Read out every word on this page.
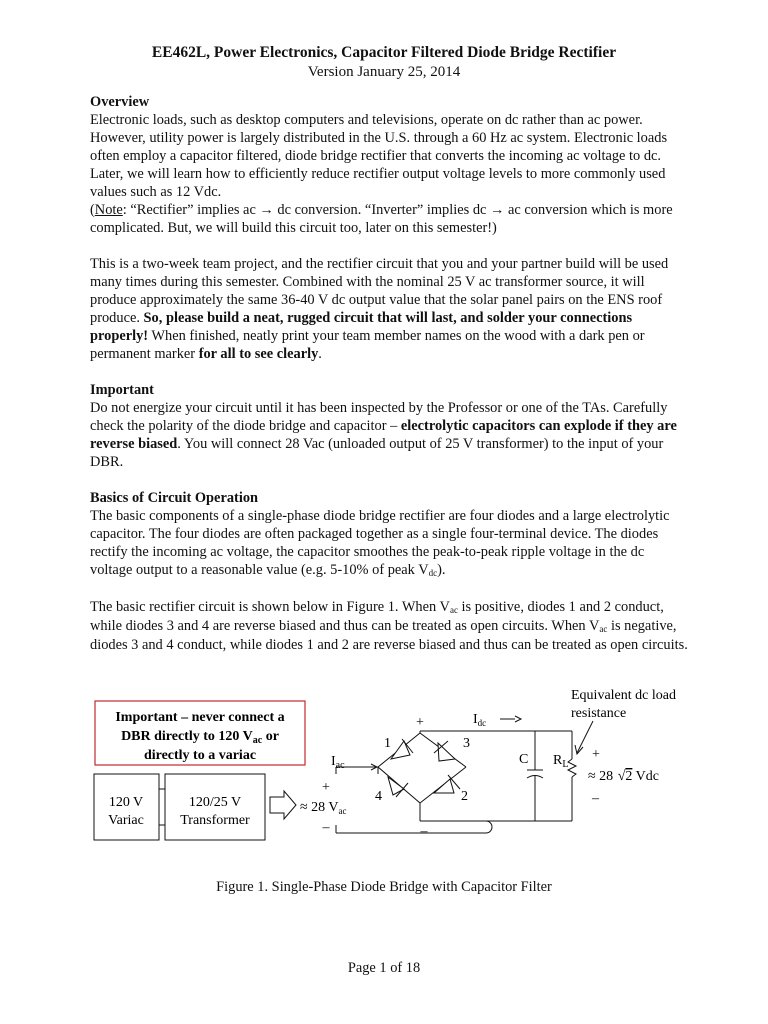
EE462L, Power Electronics, Capacitor Filtered Diode Bridge Rectifier
Version January 25, 2014
Overview

Electronic loads, such as desktop computers and televisions, operate on dc rather than ac power. However, utility power is largely distributed in the U.S. through a 60 Hz ac system. Electronic loads often employ a capacitor filtered, diode bridge rectifier that converts the incoming ac voltage to dc. Later, we will learn how to efficiently reduce rectifier output voltage levels to more commonly used values such as 12 Vdc.

(Note: “Rectifier” implies ac → dc conversion. “Inverter” implies dc → ac conversion which is more complicated. But, we will build this circuit too, later on this semester!)

This is a two-week team project, and the rectifier circuit that you and your partner build will be used many times during this semester. Combined with the nominal 25 V ac transformer source, it will produce approximately the same 36-40 V dc output value that the solar panel pairs on the ENS roof produce. So, please build a neat, rugged circuit that will last, and solder your connections properly! When finished, neatly print your team member names on the wood with a dark pen or permanent marker for all to see clearly.

Important

Do not energize your circuit until it has been inspected by the Professor or one of the TAs. Carefully check the polarity of the diode bridge and capacitor – electrolytic capacitors can explode if they are reverse biased. You will connect 28 Vac (unloaded output of 25 V transformer) to the input of your DBR.

Basics of Circuit Operation

The basic components of a single-phase diode bridge rectifier are four diodes and a large electrolytic capacitor. The four diodes are often packaged together as a single four-terminal device. The diodes rectify the incoming ac voltage, the capacitor smoothes the peak-to-peak ripple voltage in the dc voltage output to a reasonable value (e.g. 5-10% of peak $V_{dc}$).

The basic rectifier circuit is shown below in Figure 1. When $V_{ac}$ is positive, diodes 1 and 2 conduct, while diodes 3 and 4 are reverse biased and thus can be treated as open circuits. When $V_{ac}$ is negative, diodes 3 and 4 conduct, while diodes 1 and 2 are reverse biased and thus can be treated as open circuits.

Important – never connect a
DBR directly to 120 $V_{ac}$ or
directly to a variac
120 V
Variac
120/25 V
Transformer
+
≈ 28 $V_{ac}$
–
$I_{ac}$
1	3
4	2
+
–
$I_{dc}$
C $R_L$
Equivalent dc load
resistance
+
≈ 28 √2 Vdc
–
Figure 1. Single-Phase Diode Bridge with Capacitor Filter
Page 1 of 18
